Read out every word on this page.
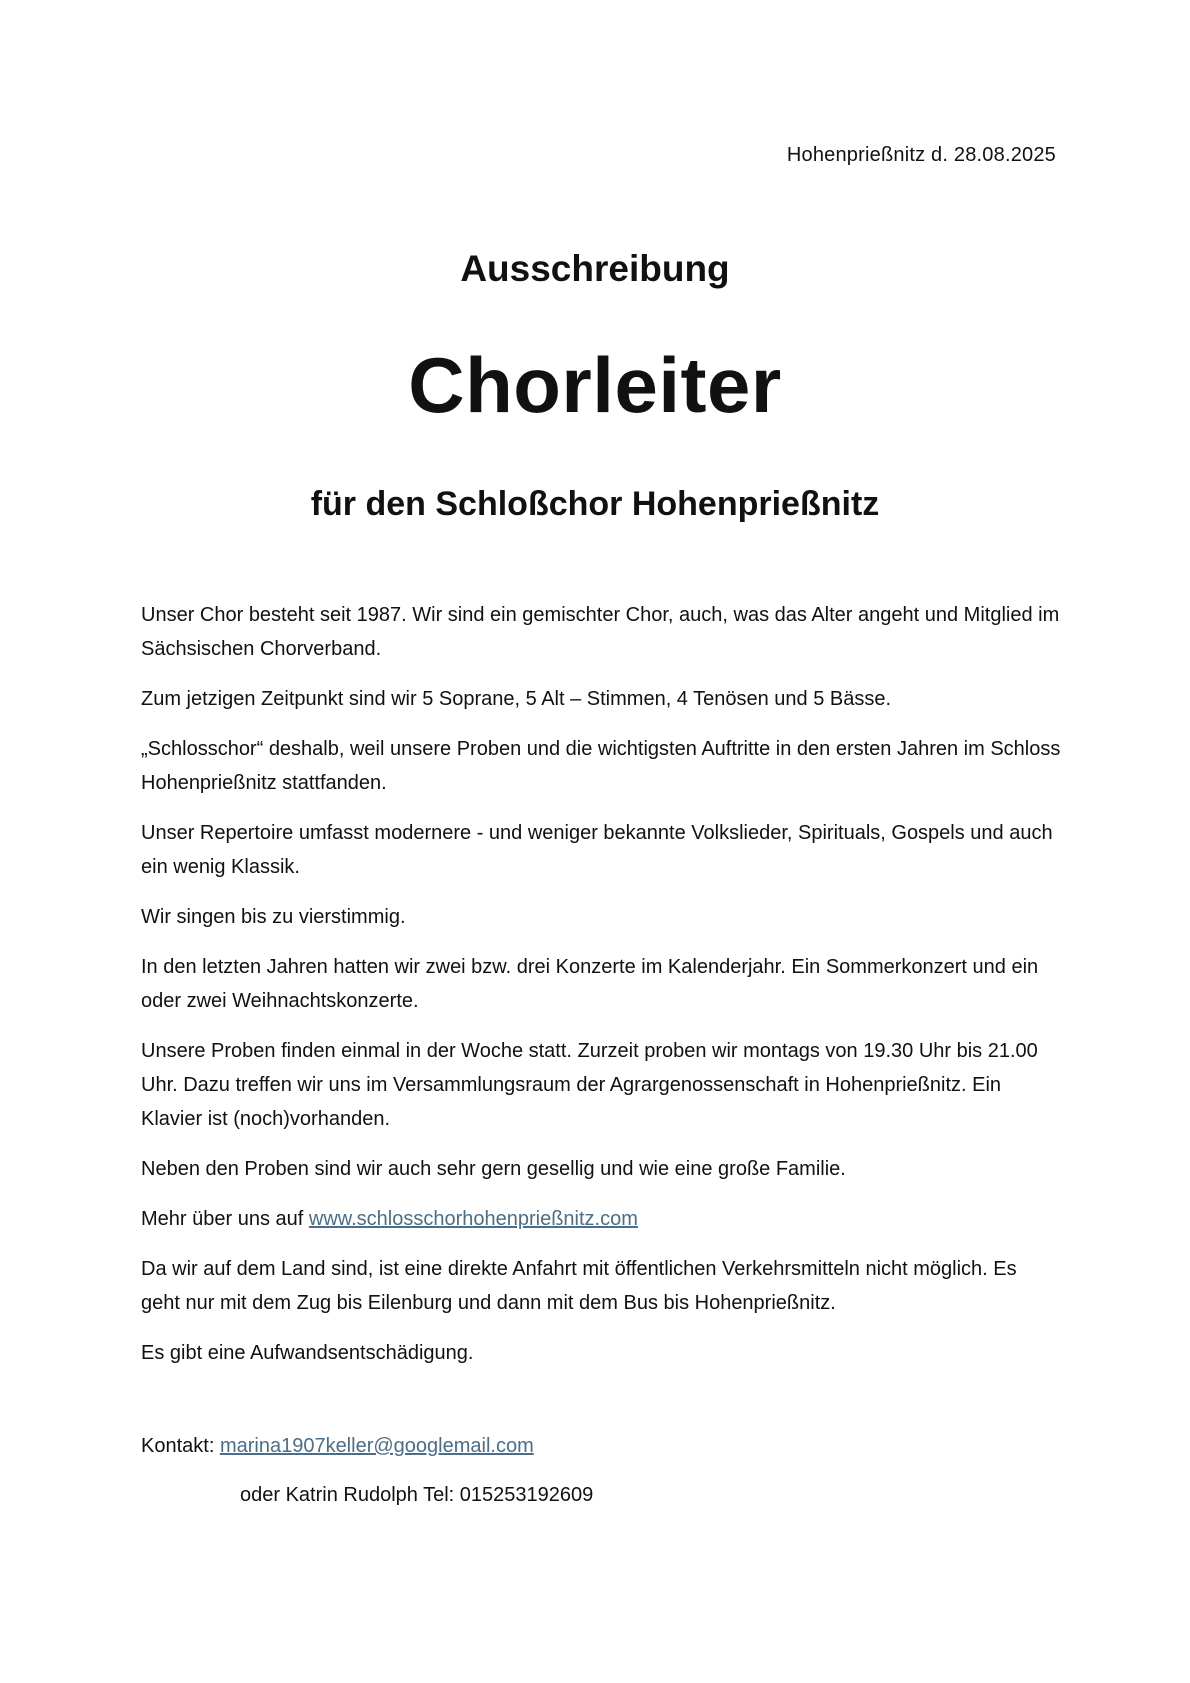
Hohenprießnitz d. 28.08.2025
Ausschreibung
Chorleiter
für den Schloßchor Hohenprießnitz

Unser Chor besteht seit 1987. Wir sind ein gemischter Chor, auch, was das Alter angeht und Mitglied im Sächsischen Chorverband.

Zum jetzigen Zeitpunkt sind wir 5 Soprane, 5 Alt – Stimmen, 4 Tenösen und 5 Bässe.

„Schlosschor“ deshalb, weil unsere Proben und die wichtigsten Auftritte in den ersten Jahren im Schloss Hohenprießnitz stattfanden.

Unser Repertoire umfasst modernere - und weniger bekannte Volkslieder, Spirituals, Gospels und auch ein wenig Klassik.

Wir singen bis zu vierstimmig.

In den letzten Jahren hatten wir zwei bzw. drei Konzerte im Kalenderjahr. Ein Sommerkonzert und ein oder zwei Weihnachtskonzerte.

Unsere Proben finden einmal in der Woche statt. Zurzeit proben wir montags von 19.30 Uhr bis 21.00 Uhr. Dazu treffen wir uns im Versammlungsraum der Agrargenossenschaft in Hohenprießnitz. Ein Klavier ist (noch)vorhanden.

Neben den Proben sind wir auch sehr gern gesellig und wie eine große Familie.

Mehr über uns auf www.schlosschorhohenprießnitz.com

Da wir auf dem Land sind, ist eine direkte Anfahrt mit öffentlichen Verkehrsmitteln nicht möglich. Es geht nur mit dem Zug bis Eilenburg und dann mit dem Bus bis Hohenprießnitz.

Es gibt eine Aufwandsentschädigung.

Kontakt: marina1907keller@googlemail.com
oder Katrin Rudolph Tel: 015253192609
